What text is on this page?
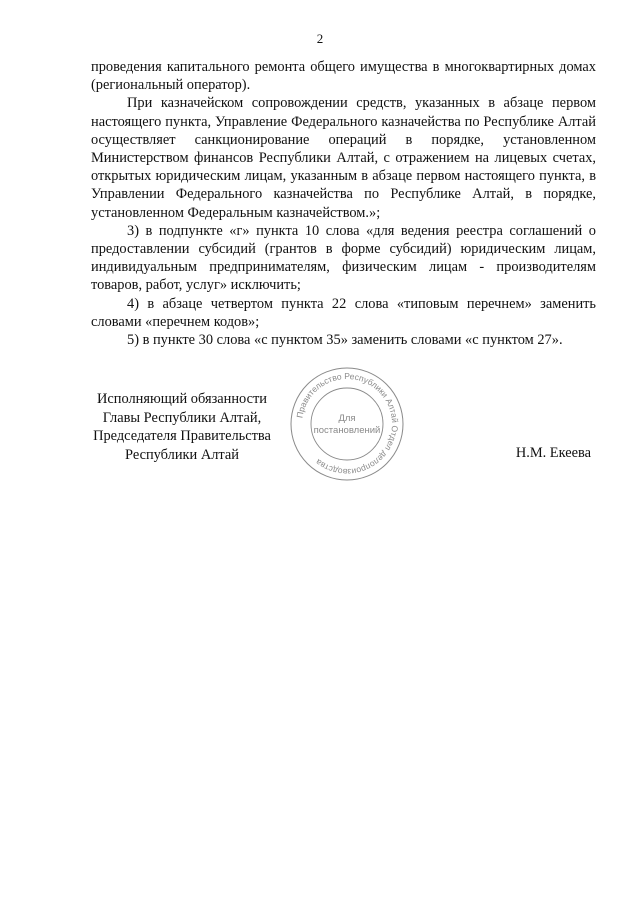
2

проведения капитального ремонта общего имущества в многоквартирных домах (региональный оператор).

При казначейском сопровождении средств, указанных в абзаце первом настоящего пункта, Управление Федерального казначейства по Республике Алтай осуществляет санкционирование операций в порядке, установленном Министерством финансов Республики Алтай, с отражением на лицевых счетах, открытых юридическим лицам, указанным в абзаце первом настоящего пункта, в Управлении Федерального казначейства по Республике Алтай, в порядке, установленном Федеральным казначейством.»;

3) в подпункте «г» пункта 10 слова «для ведения реестра соглашений о предоставлении субсидий (грантов в форме субсидий) юридическим лицам, индивидуальным предпринимателям, физическим лицам - производителям товаров, работ, услуг» исключить;

4) в абзаце четвертом пункта 22 слова «типовым перечнем» заменить словами «перечнем кодов»;

5) в пункте 30 слова «с пунктом 35» заменить словами «с пунктом 27».

Исполняющий обязанности
Главы Республики Алтай,
Председателя Правительства
Республики Алтай	Н.М. Екеева
Правительство Республики Алтай Отдел делопроизводства
Для
постановлений
